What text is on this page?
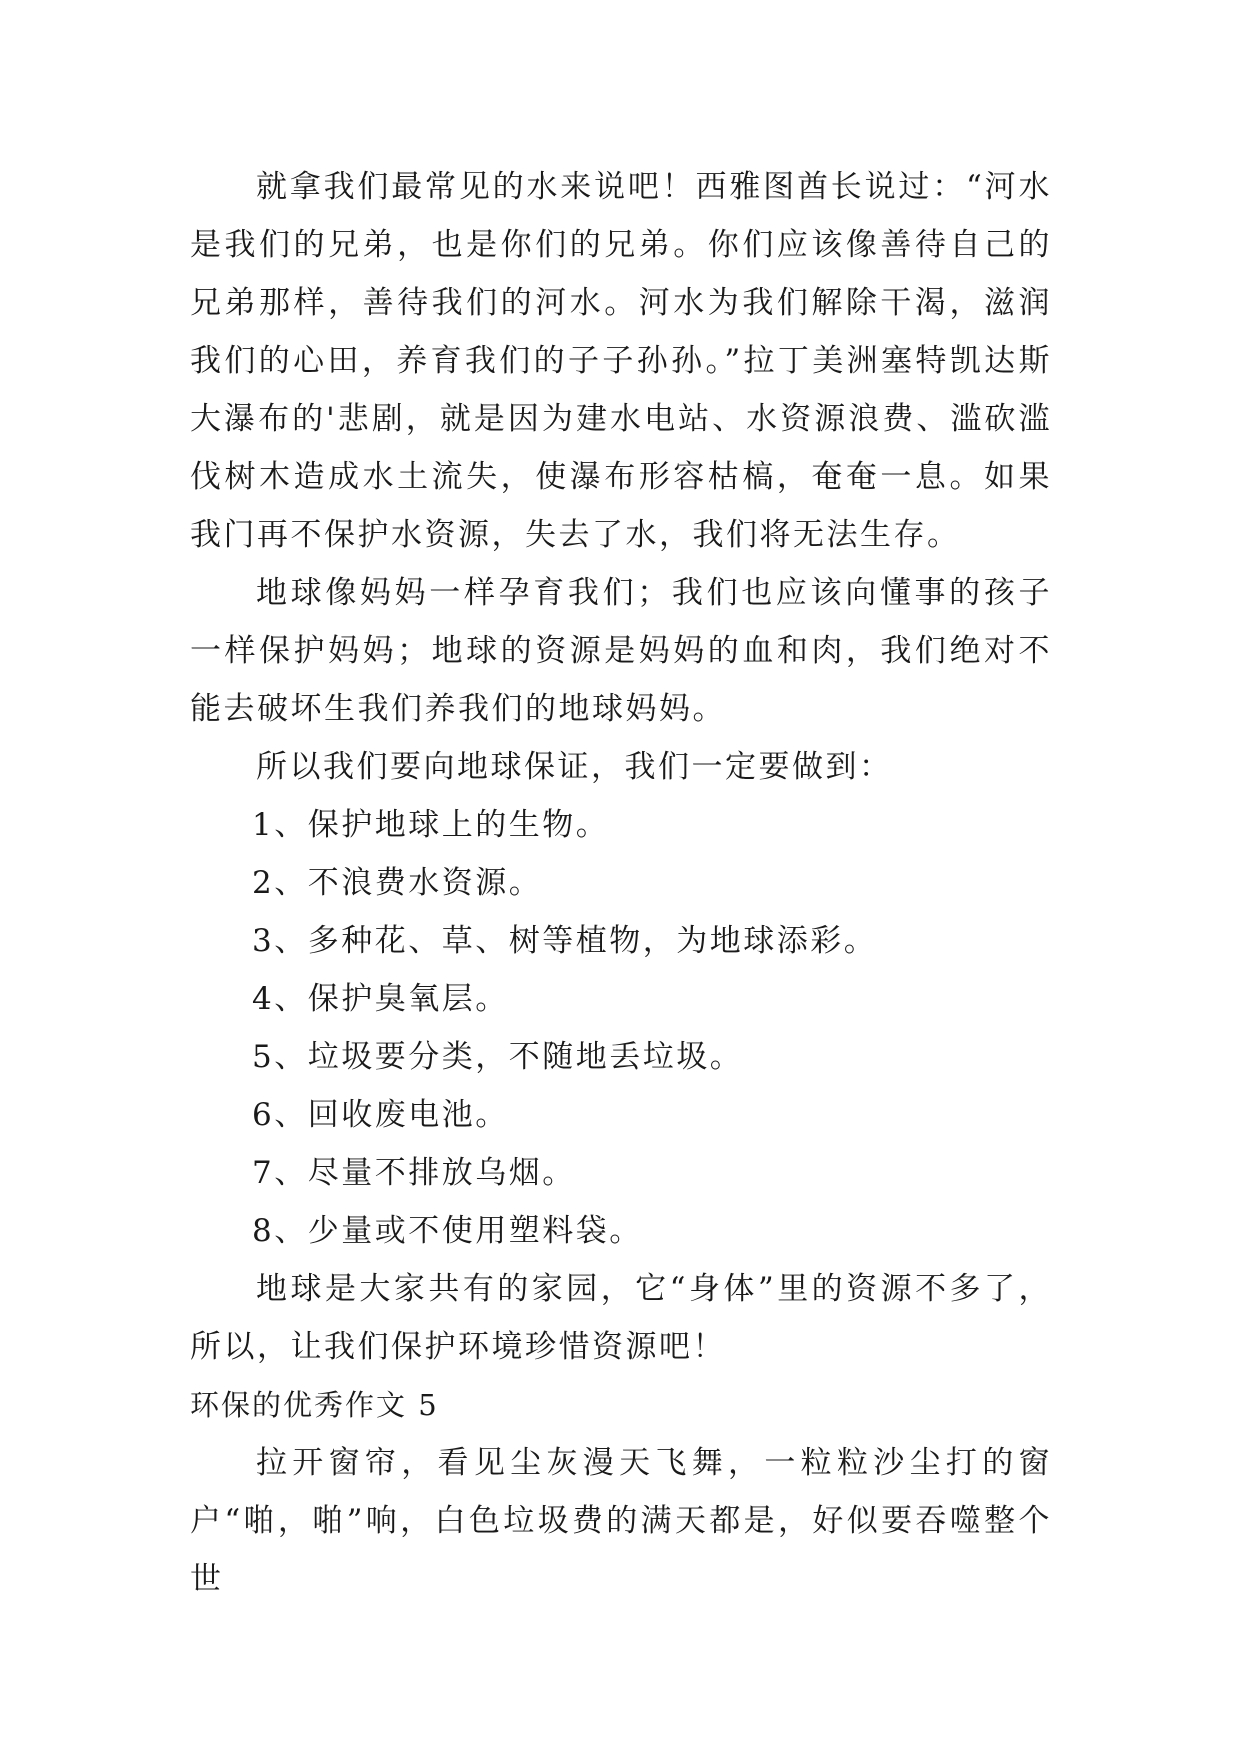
就拿我们最常见的水来说吧！西雅图酋长说过：“河水是我们的兄弟，也是你们的兄弟。你们应该像善待自己的兄弟那样，善待我们的河水。河水为我们解除干渴，滋润我们的心田，养育我们的子子孙孙。”拉丁美洲塞特凯达斯大瀑布的'悲剧，就是因为建水电站、水资源浪费、滥砍滥伐树木造成水土流失，使瀑布形容枯槁，奄奄一息。如果我门再不保护水资源，失去了水，我们将无法生存。

地球像妈妈一样孕育我们；我们也应该向懂事的孩子一样保护妈妈；地球的资源是妈妈的血和肉，我们绝对不能去破坏生我们养我们的地球妈妈。

所以我们要向地球保证，我们一定要做到：

1、保护地球上的生物。

2、不浪费水资源。

3、多种花、草、树等植物，为地球添彩。

4、保护臭氧层。

5、垃圾要分类，不随地丢垃圾。

6、回收废电池。

7、尽量不排放乌烟。

8、少量或不使用塑料袋。

地球是大家共有的家园，它“身体”里的资源不多了，所以，让我们保护环境珍惜资源吧！

环保的优秀作文 5

拉开窗帘，看见尘灰漫天飞舞，一粒粒沙尘打的窗户“啪，啪”响，白色垃圾费的满天都是，好似要吞噬整个世
